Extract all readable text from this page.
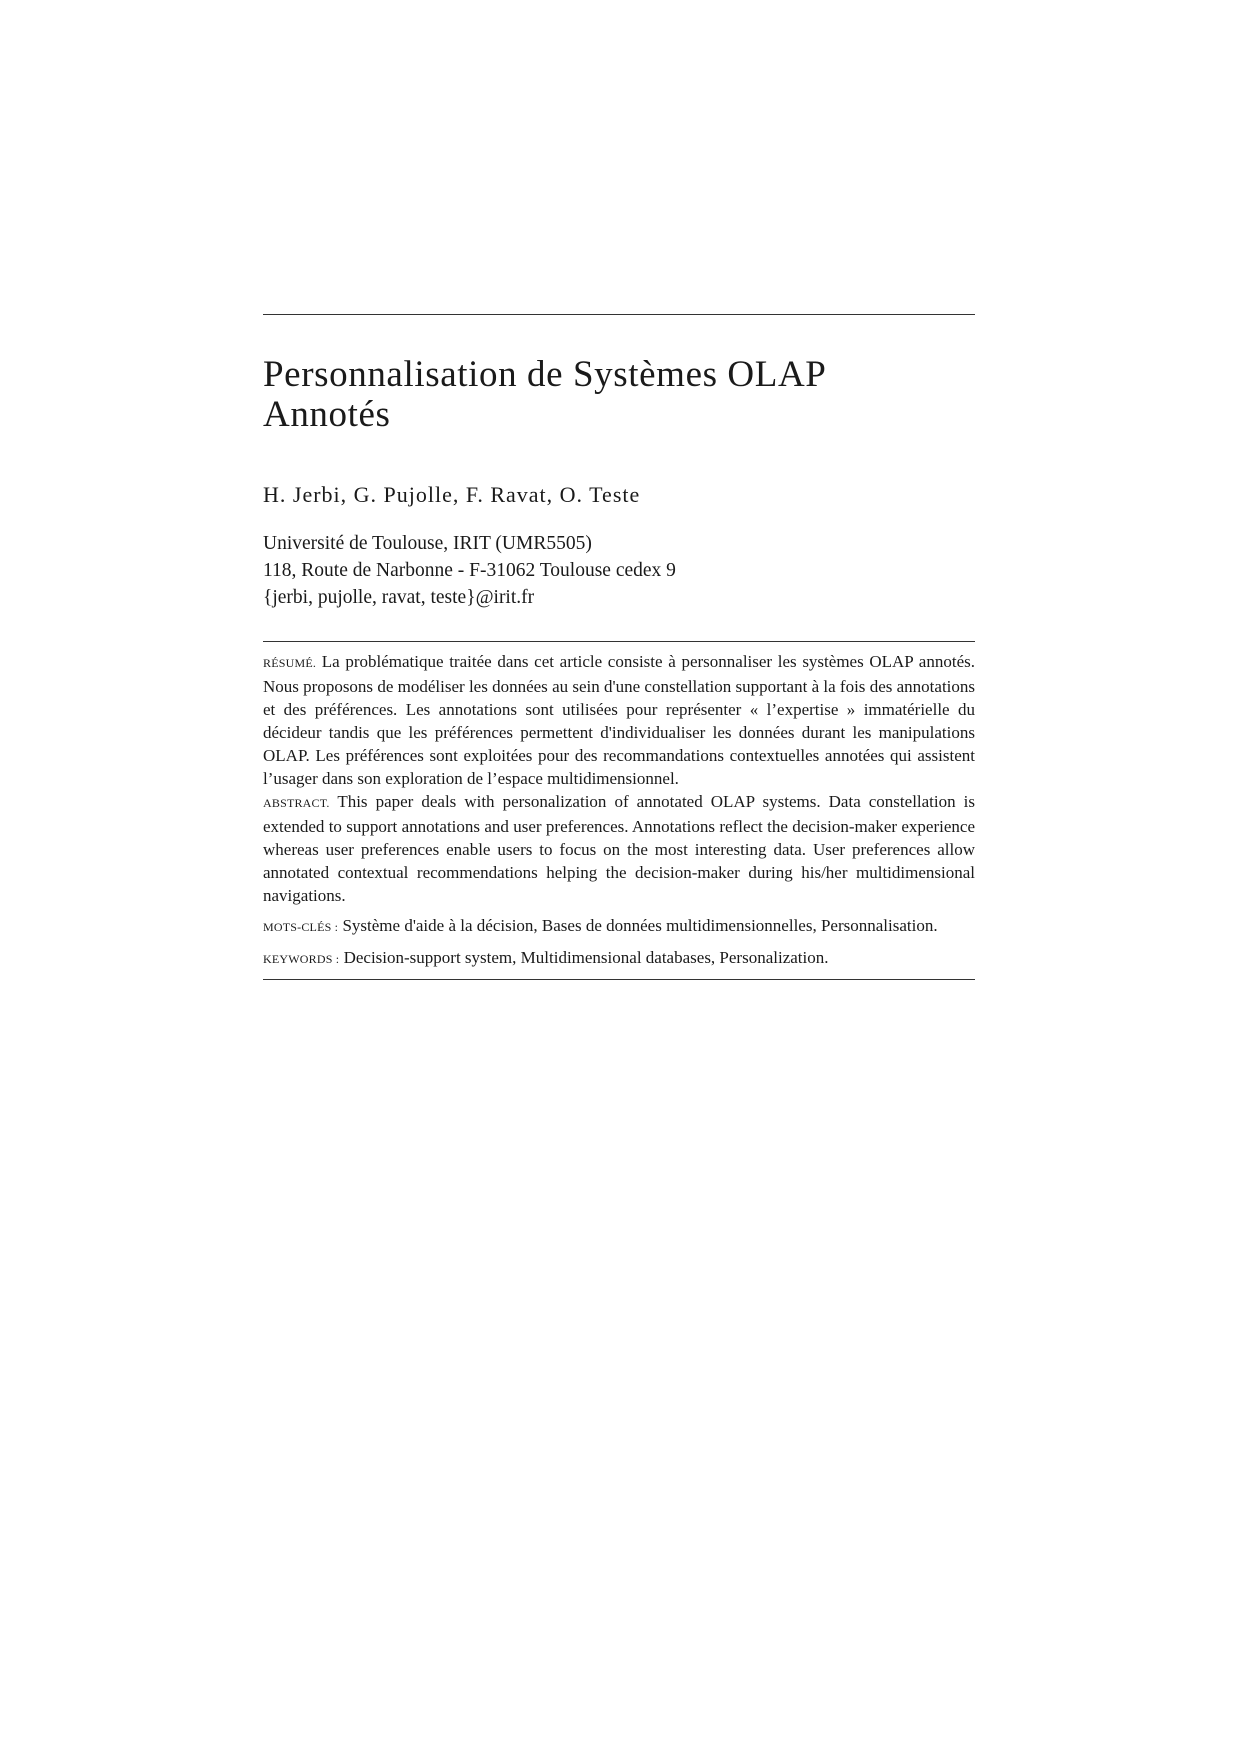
Personnalisation de Systèmes OLAP
Annotés
H. Jerbi, G. Pujolle, F. Ravat, O. Teste
Université de Toulouse, IRIT (UMR5505)
118, Route de Narbonne - F-31062 Toulouse cedex 9
{jerbi, pujolle, ravat, teste}@irit.fr

RÉSUMÉ. La problématique traitée dans cet article consiste à personnaliser les systèmes OLAP annotés. Nous proposons de modéliser les données au sein d'une constellation supportant à la fois des annotations et des préférences. Les annotations sont utilisées pour représenter « l’expertise » immatérielle du décideur tandis que les préférences permettent d'individualiser les données durant les manipulations OLAP. Les préférences sont exploitées pour des recommandations contextuelles annotées qui assistent l’usager dans son exploration de l’espace multidimensionnel.

ABSTRACT. This paper deals with personalization of annotated OLAP systems. Data constellation is extended to support annotations and user preferences. Annotations reflect the decision-maker experience whereas user preferences enable users to focus on the most interesting data. User preferences allow annotated contextual recommendations helping the decision-maker during his/her multidimensional navigations.

MOTS-CLÉS : Système d'aide à la décision, Bases de données multidimensionnelles, Personnalisation.

KEYWORDS : Decision-support system, Multidimensional databases, Personalization.
